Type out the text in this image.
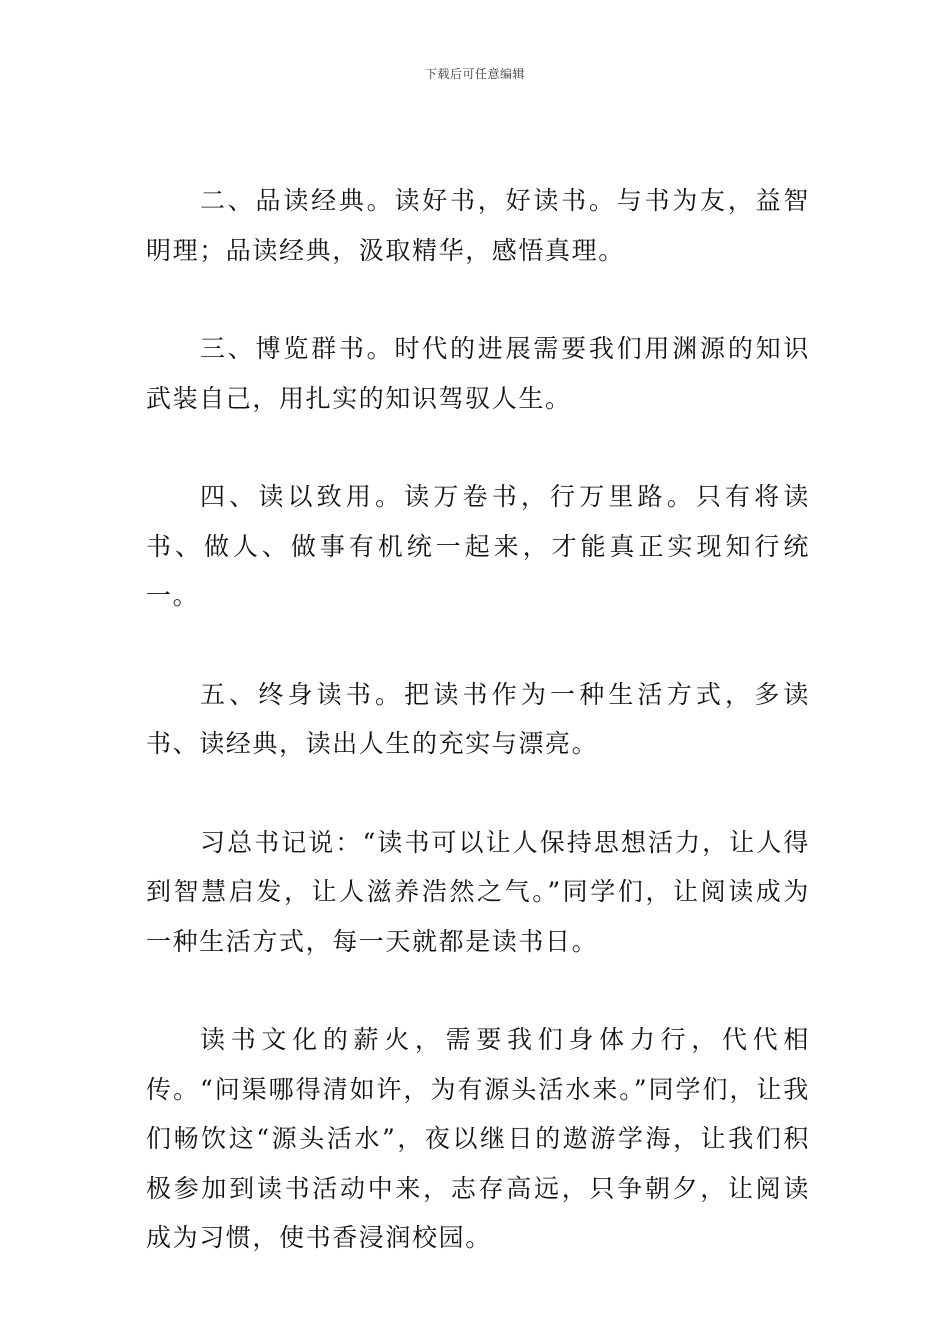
下载后可任意编辑

二、品读经典。读好书，好读书。与书为友，益智明理；品读经典，汲取精华，感悟真理。

三、博览群书。时代的进展需要我们用渊源的知识武装自己，用扎实的知识驾驭人生。

四、读以致用。读万卷书，行万里路。只有将读书、做人、做事有机统一起来，才能真正实现知行统一。

五、终身读书。把读书作为一种生活方式，多读书、读经典，读出人生的充实与漂亮。

习总书记说：“读书可以让人保持思想活力，让人得到智慧启发，让人滋养浩然之气。”同学们，让阅读成为一种生活方式，每一天就都是读书日。

读书文化的薪火，需要我们身体力行，代代相传。“问渠哪得清如许，为有源头活水来。”同学们，让我们畅饮这“源头活水”，夜以继日的遨游学海，让我们积极参加到读书活动中来，志存高远，只争朝夕，让阅读成为习惯，使书香浸润校园。
